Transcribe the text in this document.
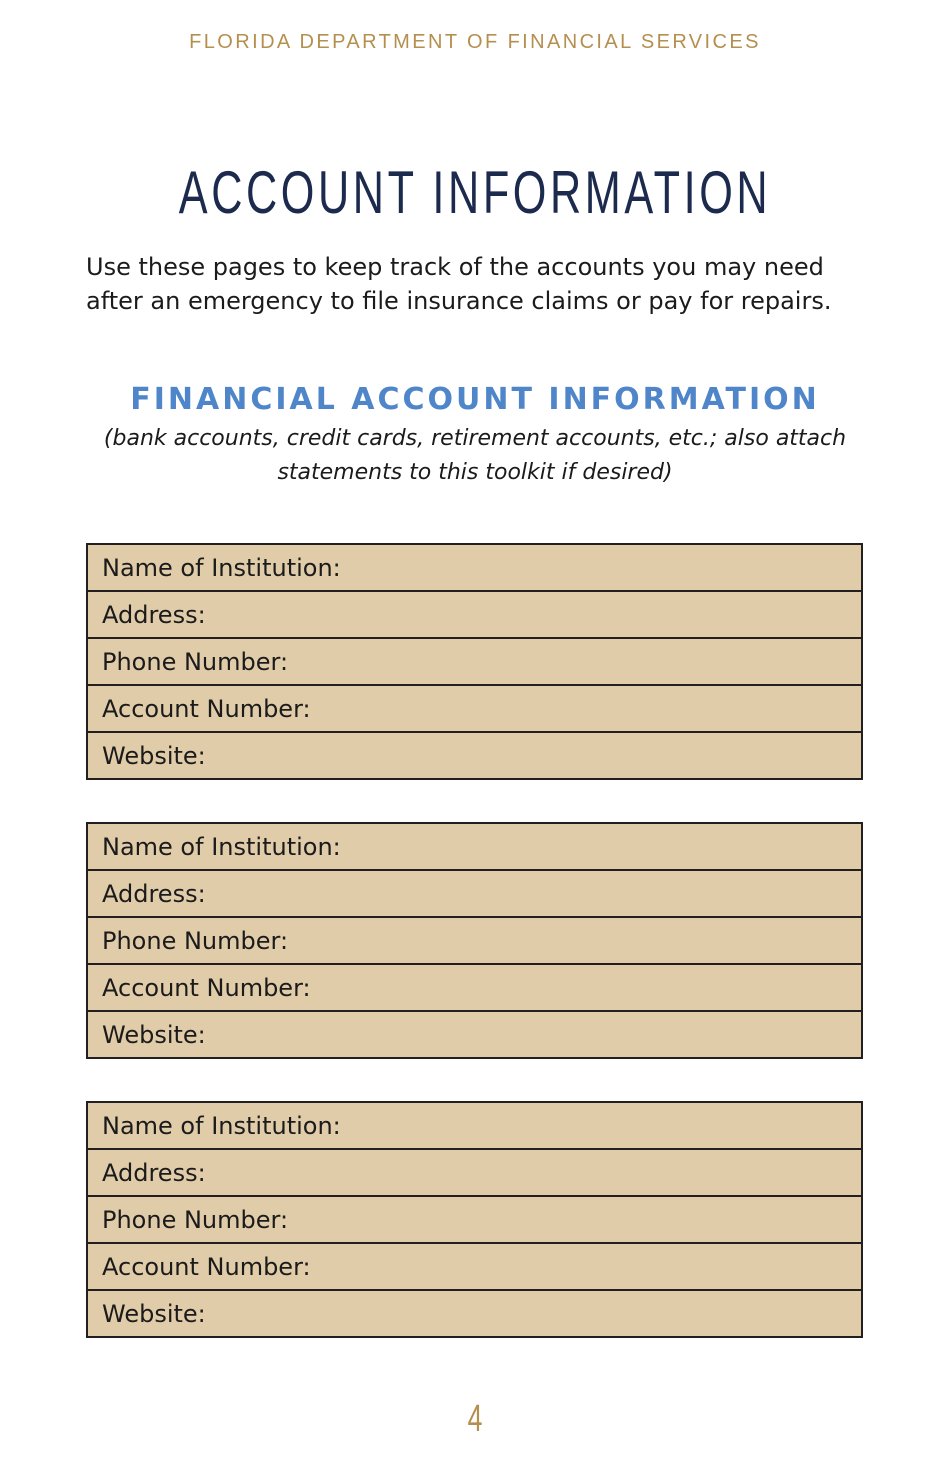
FLORIDA DEPARTMENT OF FINANCIAL SERVICES
ACCOUNT INFORMATION

Use these pages to keep track of the accounts you may need after an emergency to file insurance claims or pay for repairs.

FINANCIAL ACCOUNT INFORMATION

(bank accounts, credit cards, retirement accounts, etc.; also attach statements to this toolkit if desired)

Name of Institution:
Address:
Phone Number:
Account Number:
Website:
Name of Institution:
Address:
Phone Number:
Account Number:
Website:
Name of Institution:
Address:
Phone Number:
Account Number:
Website:
4
